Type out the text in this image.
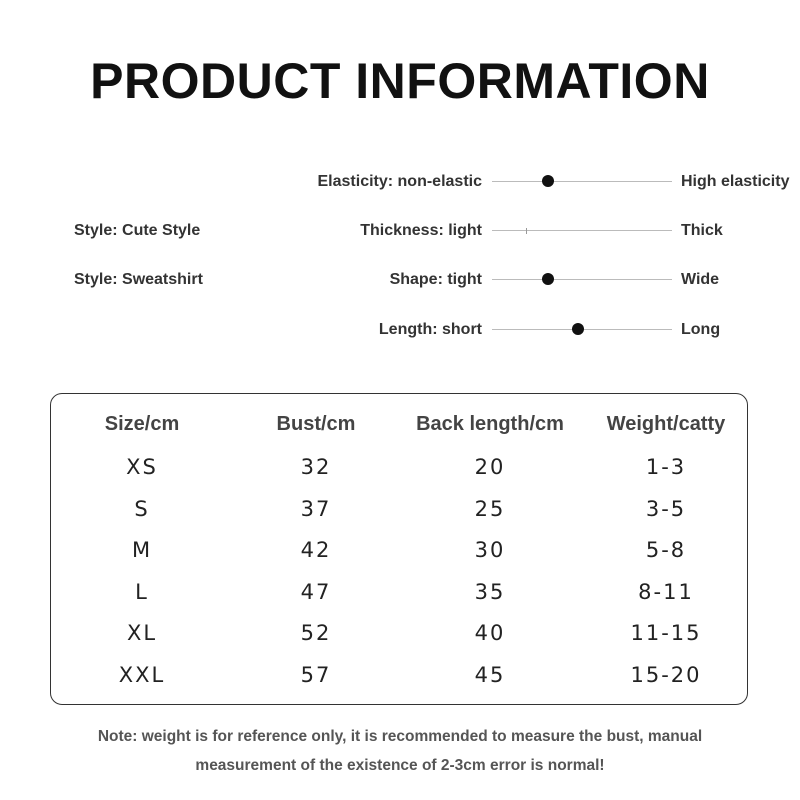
PRODUCT INFORMATION
Style: Cute Style
Style: Sweatshirt
Elasticity: non-elastic	High elasticity
Thickness: light	Thick
Shape: tight	Wide
Length: short	Long
Size/cm	Bust/cm	Back length/cm	Weight/catty
XS	32	20	1-3
S	37	25	3-5
M	42	30	5-8
L	47	35	8-11
XL	52	40	11-15
XXL	57	45	15-20
Note: weight is for reference only, it is recommended to measure the bust, manual
measurement of the existence of 2-3cm error is normal!
